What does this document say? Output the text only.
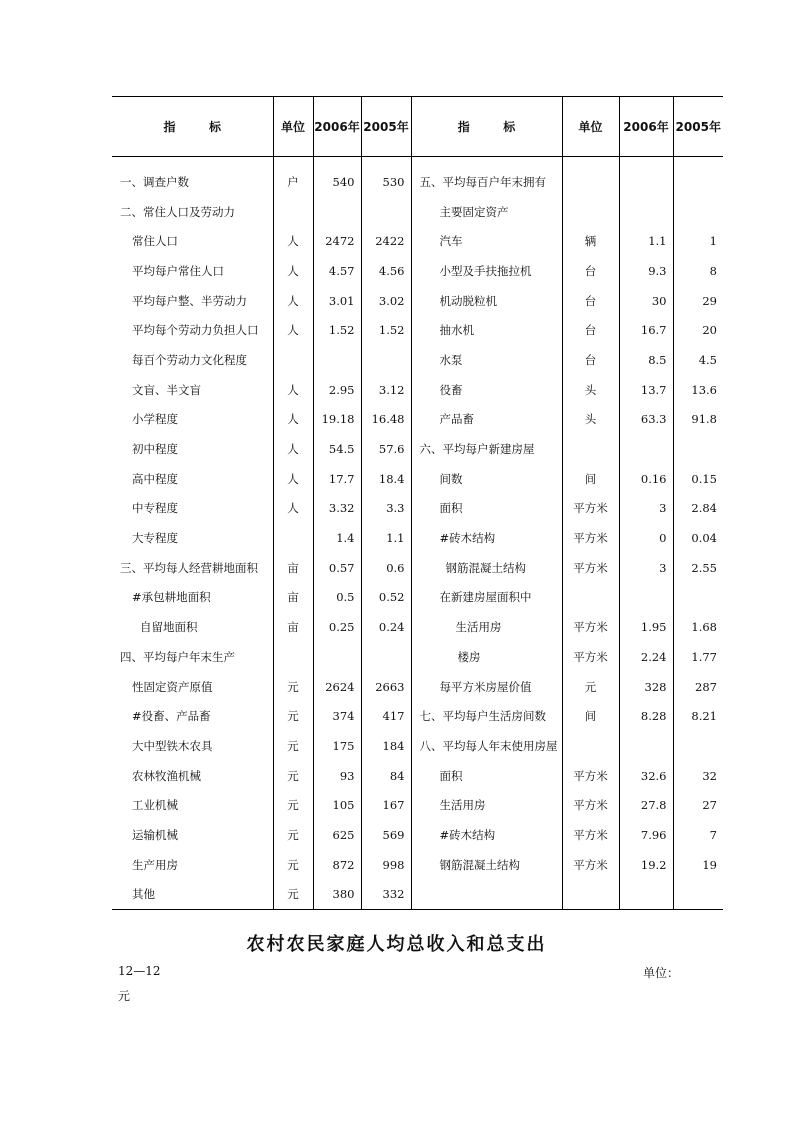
指        标	单位	2006年	2005年	指        标	单位	2006年	2005年
一、调查户数	户	540	530	五、平均每百户年末拥有			
二、常住人口及劳动力				主要固定资产			
常住人口	人	2472	2422	汽车	辆	1.1	1
平均每户常住人口	人	4.57	4.56	小型及手扶拖拉机	台	9.3	8
平均每户整、半劳动力	人	3.01	3.02	机动脱粒机	台	30	29
平均每个劳动力负担人口	人	1.52	1.52	抽水机	台	16.7	20
每百个劳动力文化程度				水泵	台	8.5	4.5
文盲、半文盲	人	2.95	3.12	役畜	头	13.7	13.6
小学程度	人	19.18	16.48	产品畜	头	63.3	91.8
初中程度	人	54.5	57.6	六、平均每户新建房屋			
高中程度	人	17.7	18.4	间数	间	0.16	0.15
中专程度	人	3.32	3.3	面积	平方米	3	2.84
大专程度		1.4	1.1	#砖木结构	平方米	0	0.04
三、平均每人经营耕地面积	亩	0.57	0.6	钢筋混凝土结构	平方米	3	2.55
#承包耕地面积	亩	0.5	0.52	在新建房屋面积中			
自留地面积	亩	0.25	0.24	生活用房	平方米	1.95	1.68
四、平均每户年末生产				楼房	平方米	2.24	1.77
性固定资产原值	元	2624	2663	每平方米房屋价值	元	328	287
#役畜、产品畜	元	374	417	七、平均每户生活房间数	间	8.28	8.21
大中型铁木农具	元	175	184	八、平均每人年末使用房屋			
农林牧渔机械	元	93	84	面积	平方米	32.6	32
工业机械	元	105	167	生活用房	平方米	27.8	27
运输机械	元	625	569	#砖木结构	平方米	7.96	7
生产用房	元	872	998	钢筋混凝土结构	平方米	19.2	19
其他	元	380	332				
农村农民家庭人均总收入和总支出
12—12	单位：
元
